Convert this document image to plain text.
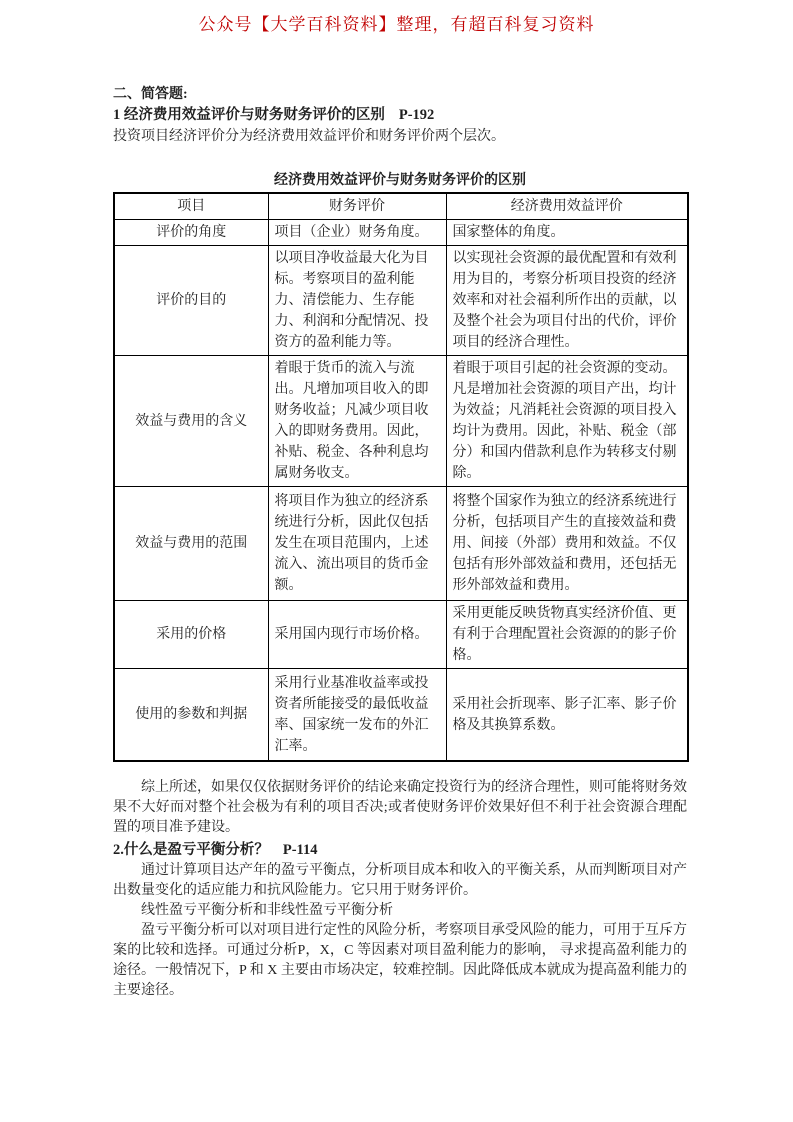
公众号【大学百科资料】整理，有超百科复习资料

二、简答题:

1 经济费用效益评价与财务财务评价的区别 P-192

投资项目经济评价分为经济费用效益评价和财务评价两个层次。

经济费用效益评价与财务财务评价的区别

项目	财务评价	经济费用效益评价
评价的角度	项目（企业）财务角度。	国家整体的角度。
评价的目的	以项目净收益最大化为目标。考察项目的盈利能力、清偿能力、生存能力、利润和分配情况、投资方的盈利能力等。	以实现社会资源的最优配置和有效利用为目的，考察分析项目投资的经济效率和对社会福利所作出的贡献，以及整个社会为项目付出的代价，评价项目的经济合理性。
效益与费用的含义	着眼于货币的流入与流出。凡增加项目收入的即财务收益；凡减少项目收入的即财务费用。因此，补贴、税金、各种利息均属财务收支。	着眼于项目引起的社会资源的变动。凡是增加社会资源的项目产出，均计为效益；凡消耗社会资源的项目投入均计为费用。因此，补贴、税金（部分）和国内借款利息作为转移支付剔除。
效益与费用的范围	将项目作为独立的经济系统进行分析，因此仅包括发生在项目范围内，上述流入、流出项目的货币金额。	将整个国家作为独立的经济系统进行分析，包括项目产生的直接效益和费用、间接（外部）费用和效益。不仅包括有形外部效益和费用，还包括无形外部效益和费用。
采用的价格	采用国内现行市场价格。	采用更能反映货物真实经济价值、更有利于合理配置社会资源的的影子价格。
使用的参数和判据	采用行业基准收益率或投资者所能接受的最低收益率、国家统一发布的外汇汇率。	采用社会折现率、影子汇率、影子价格及其换算系数。

综上所述，如果仅仅依据财务评价的结论来确定投资行为的经济合理性，则可能将财务效果不大好而对整个社会极为有利的项目否决;或者使财务评价效果好但不利于社会资源合理配置的项目准予建设。

2.什么是盈亏平衡分析？ P-114

通过计算项目达产年的盈亏平衡点，分析项目成本和收入的平衡关系，从而判断项目对产出数量变化的适应能力和抗风险能力。它只用于财务评价。

线性盈亏平衡分析和非线性盈亏平衡分析

盈亏平衡分析可以对项目进行定性的风险分析，考察项目承受风险的能力，可用于互斥方案的比较和选择。可通过分析P，X，C 等因素对项目盈利能力的影响， 寻求提高盈利能力的途径。一般情况下，P 和 X 主要由市场决定，较难控制。因此降低成本就成为提高盈利能力的主要途径。
